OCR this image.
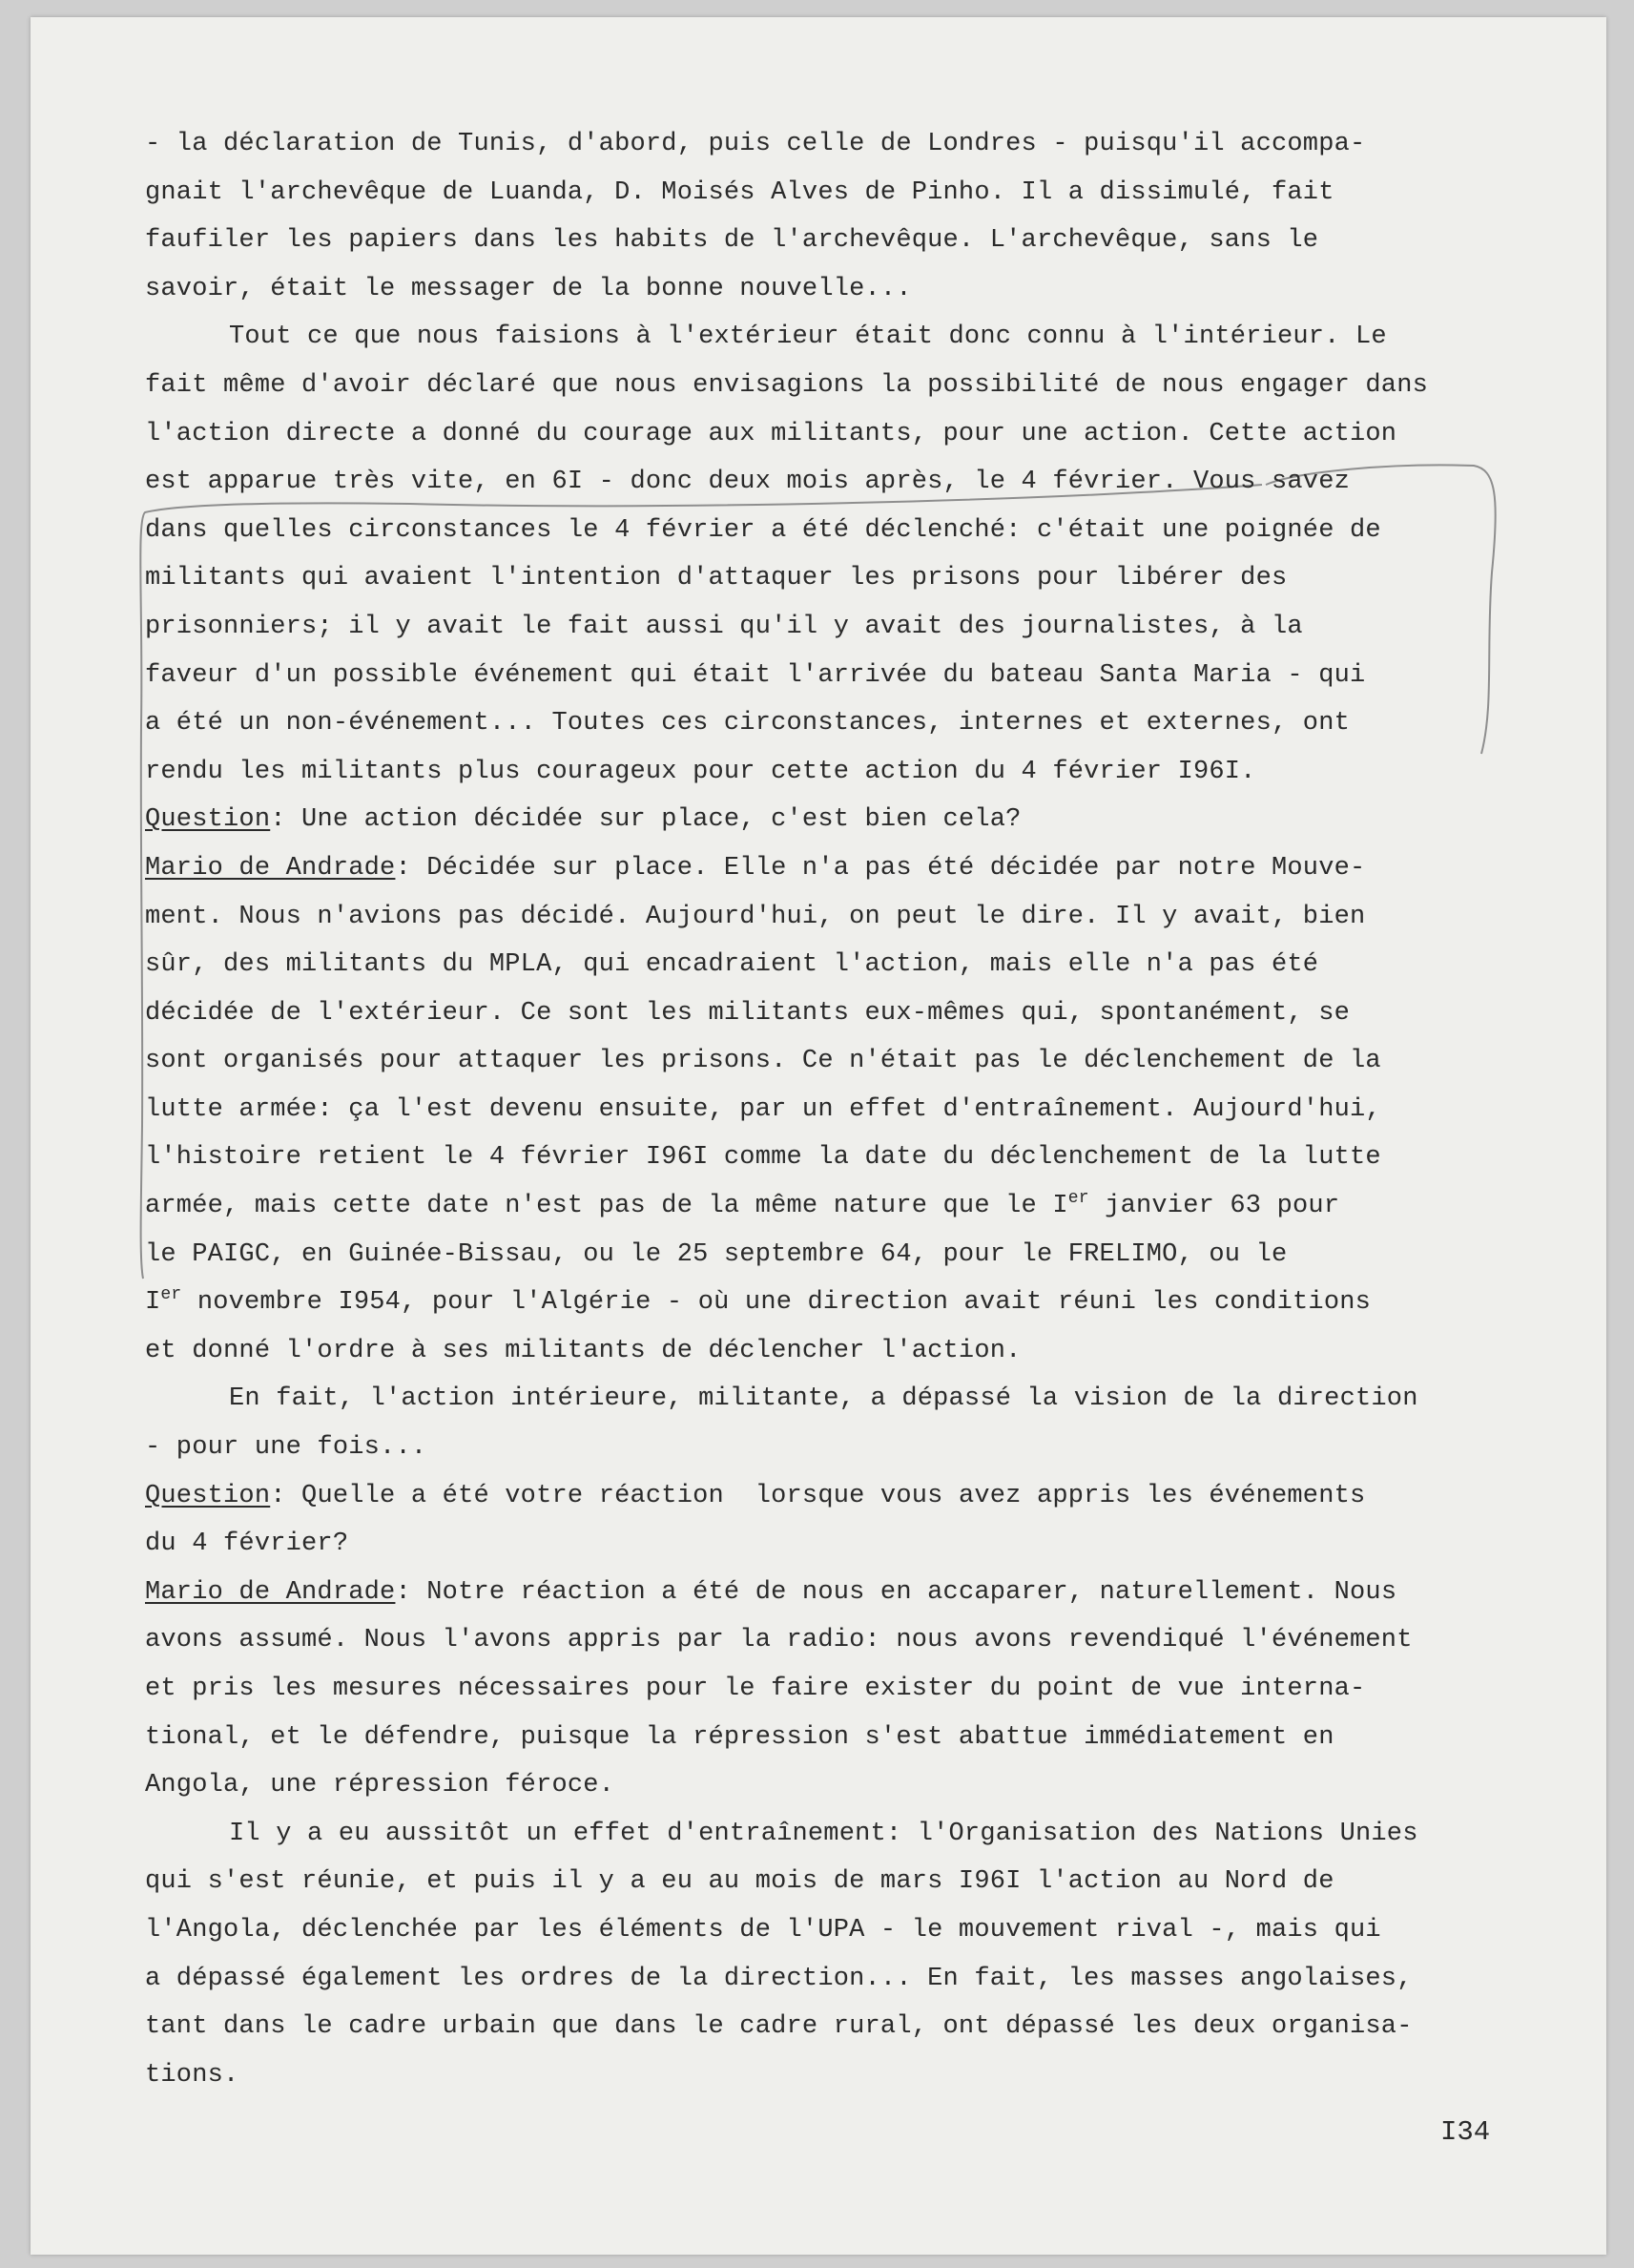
- la déclaration de Tunis, d'abord, puis celle de Londres - puisqu'il accompa-
gnait l'archevêque de Luanda, D. Moisés Alves de Pinho. Il a dissimulé, fait
faufiler les papiers dans les habits de l'archevêque. L'archevêque, sans le
savoir, était le messager de la bonne nouvelle...
Tout ce que nous faisions à l'extérieur était donc connu à l'intérieur. Le
fait même d'avoir déclaré que nous envisagions la possibilité de nous engager dans
l'action directe a donné du courage aux militants, pour une action. Cette action
est apparue très vite, en 6I - donc deux mois après, le 4 février. Vous savez
dans quelles circonstances le 4 février a été déclenché: c'était une poignée de
militants qui avaient l'intention d'attaquer les prisons pour libérer des
prisonniers; il y avait le fait aussi qu'il y avait des journalistes, à la
faveur d'un possible événement qui était l'arrivée du bateau Santa Maria - qui
a été un non-événement... Toutes ces circonstances, internes et externes, ont
rendu les militants plus courageux pour cette action du 4 février I96I.
Question: Une action décidée sur place, c'est bien cela?
Mario de Andrade: Décidée sur place. Elle n'a pas été décidée par notre Mouve-
ment. Nous n'avions pas décidé. Aujourd'hui, on peut le dire. Il y avait, bien
sûr, des militants du MPLA, qui encadraient l'action, mais elle n'a pas été
décidée de l'extérieur. Ce sont les militants eux-mêmes qui, spontanément, se
sont organisés pour attaquer les prisons. Ce n'était pas le déclenchement de la
lutte armée: ça l'est devenu ensuite, par un effet d'entraînement. Aujourd'hui,
l'histoire retient le 4 février I96I comme la date du déclenchement de la lutte
armée, mais cette date n'est pas de la même nature que le Ier janvier 63 pour
le PAIGC, en Guinée-Bissau, ou le 25 septembre 64, pour le FRELIMO, ou le
Ier novembre I954, pour l'Algérie - où une direction avait réuni les conditions
et donné l'ordre à ses militants de déclencher l'action.
En fait, l'action intérieure, militante, a dépassé la vision de la direction
- pour une fois...
Question: Quelle a été votre réaction  lorsque vous avez appris les événements
du 4 février?
Mario de Andrade: Notre réaction a été de nous en accaparer, naturellement. Nous
avons assumé. Nous l'avons appris par la radio: nous avons revendiqué l'événement
et pris les mesures nécessaires pour le faire exister du point de vue interna-
tional, et le défendre, puisque la répression s'est abattue immédiatement en
Angola, une répression féroce.
Il y a eu aussitôt un effet d'entraînement: l'Organisation des Nations Unies
qui s'est réunie, et puis il y a eu au mois de mars I96I l'action au Nord de
l'Angola, déclenchée par les éléments de l'UPA - le mouvement rival -, mais qui
a dépassé également les ordres de la direction... En fait, les masses angolaises,
tant dans le cadre urbain que dans le cadre rural, ont dépassé les deux organisa-
tions.
I34
